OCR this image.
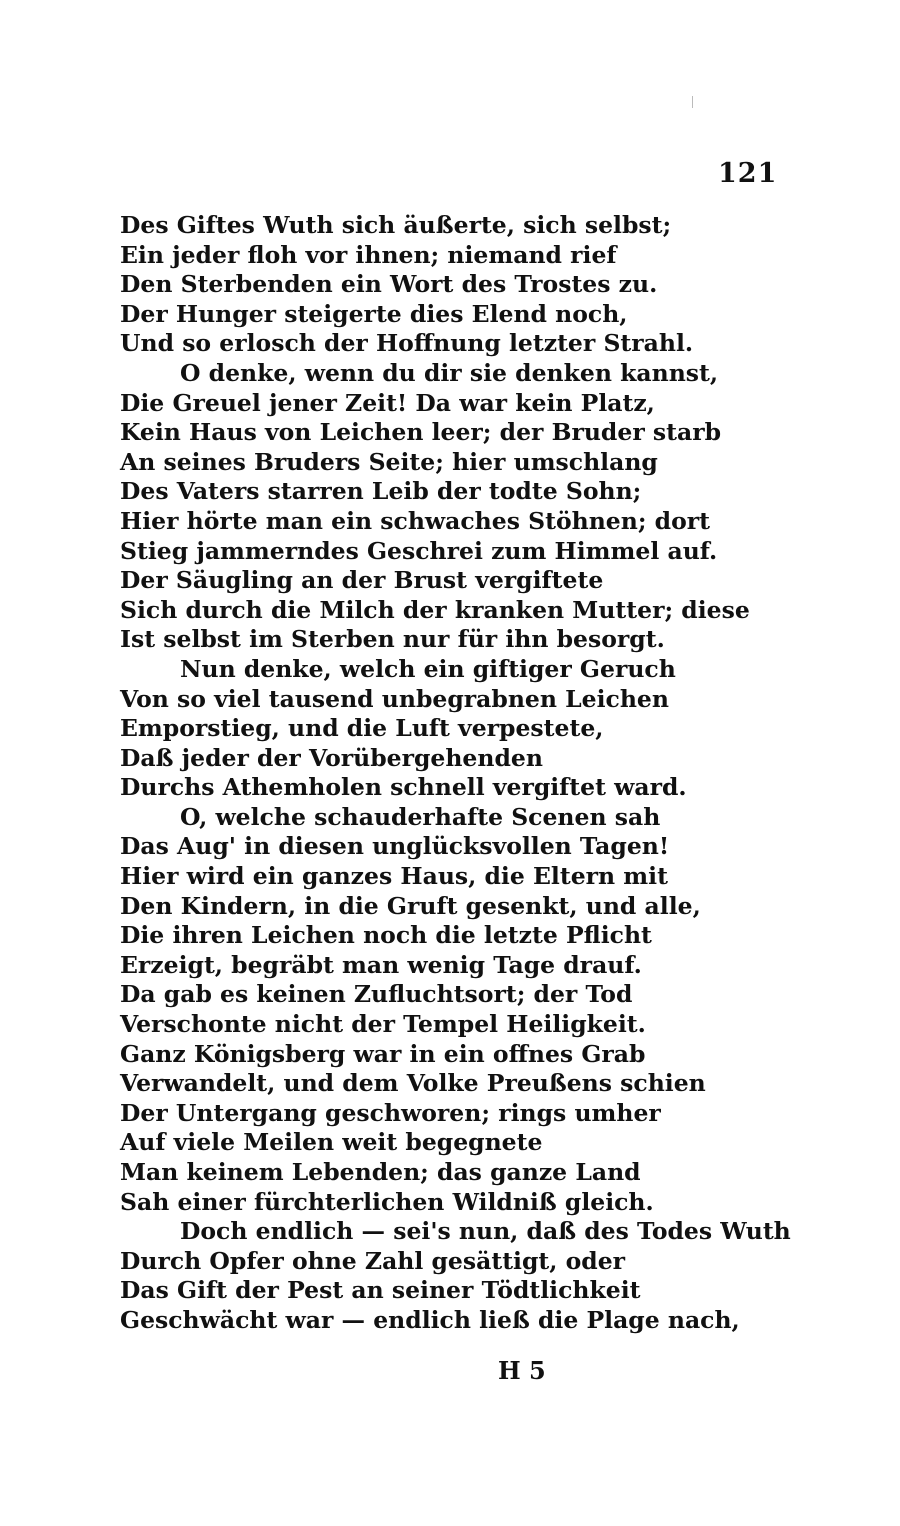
121
Des Giftes Wuth sich äußerte, sich selbst;
Ein jeder floh vor ihnen; niemand rief
Den Sterbenden ein Wort des Trostes zu.
Der Hunger steigerte dies Elend noch,
Und so erlosch der Hoffnung letzter Strahl.
O denke, wenn du dir sie denken kannst,
Die Greuel jener Zeit! Da war kein Platz,
Kein Haus von Leichen leer; der Bruder starb
An seines Bruders Seite; hier umschlang
Des Vaters starren Leib der todte Sohn;
Hier hörte man ein schwaches Stöhnen; dort
Stieg jammerndes Geschrei zum Himmel auf.
Der Säugling an der Brust vergiftete
Sich durch die Milch der kranken Mutter; diese
Ist selbst im Sterben nur für ihn besorgt.
Nun denke, welch ein giftiger Geruch
Von so viel tausend unbegrabnen Leichen
Emporstieg, und die Luft verpestete,
Daß jeder der Vorübergehenden
Durchs Athemholen schnell vergiftet ward.
O, welche schauderhafte Scenen sah
Das Aug' in diesen unglücksvollen Tagen!
Hier wird ein ganzes Haus, die Eltern mit
Den Kindern, in die Gruft gesenkt, und alle,
Die ihren Leichen noch die letzte Pflicht
Erzeigt, begräbt man wenig Tage drauf.
Da gab es keinen Zufluchtsort; der Tod
Verschonte nicht der Tempel Heiligkeit.
Ganz Königsberg war in ein offnes Grab
Verwandelt, und dem Volke Preußens schien
Der Untergang geschworen; rings umher
Auf viele Meilen weit begegnete
Man keinem Lebenden; das ganze Land
Sah einer fürchterlichen Wildniß gleich.
Doch endlich — sei's nun, daß des Todes Wuth
Durch Opfer ohne Zahl gesättigt, oder
Das Gift der Pest an seiner Tödtlichkeit
Geschwächt war — endlich ließ die Plage nach,
H 5
